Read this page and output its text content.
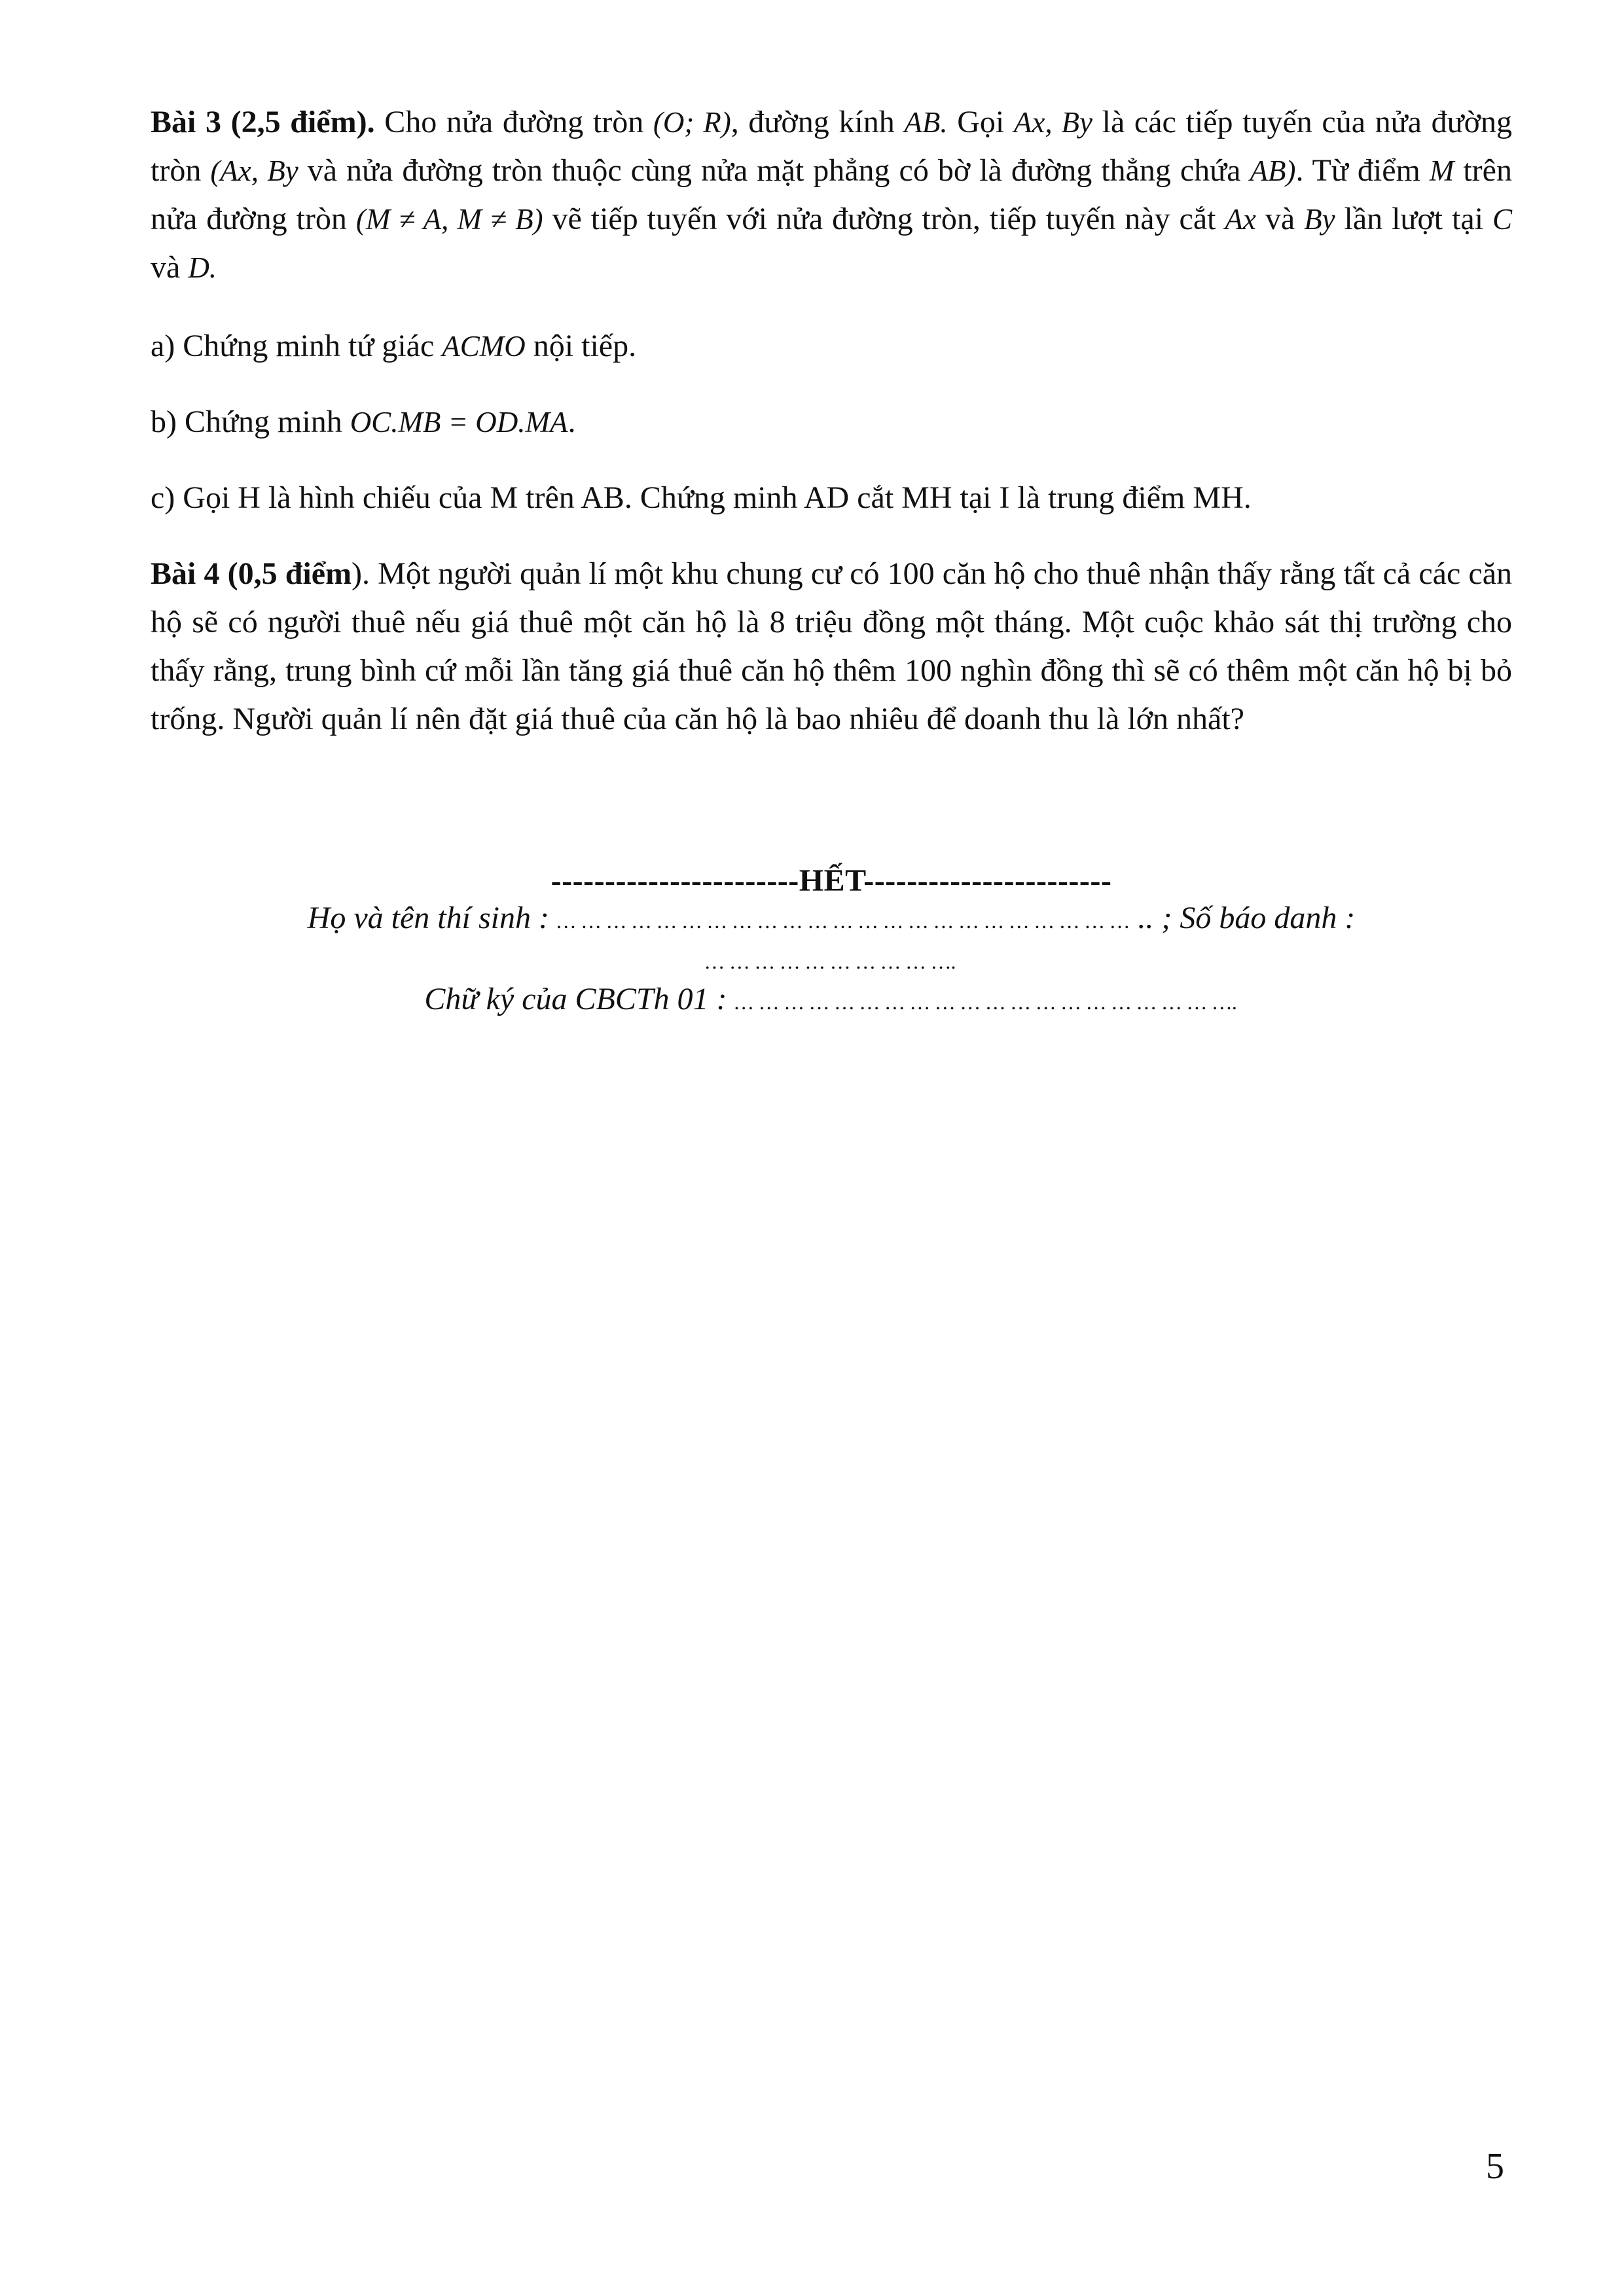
Bài 3 (2,5 điểm). Cho nửa đường tròn (O; R), đường kính AB. Gọi Ax, By là các tiếp tuyến của nửa đường tròn (Ax, By và nửa đường tròn thuộc cùng nửa mặt phẳng có bờ là đường thẳng chứa AB). Từ điểm M trên nửa đường tròn (M ≠ A, M ≠ B) vẽ tiếp tuyến với nửa đường tròn, tiếp tuyến này cắt Ax và By lần lượt tại C và D.

a) Chứng minh tứ giác ACMO nội tiếp.

b) Chứng minh OC.MB = OD.MA.

c) Gọi H là hình chiếu của M trên AB. Chứng minh AD cắt MH tại I là trung điểm MH.

Bài 4 (0,5 điểm). Một người quản lí một khu chung cư có 100 căn hộ cho thuê nhận thấy rằng tất cả các căn hộ sẽ có người thuê nếu giá thuê một căn hộ là 8 triệu đồng một tháng. Một cuộc khảo sát thị trường cho thấy rằng, trung bình cứ mỗi lần tăng giá thuê căn hộ thêm 100 nghìn đồng thì sẽ có thêm một căn hộ bị bỏ trống. Người quản lí nên đặt giá thuê của căn hộ là bao nhiêu để doanh thu là lớn nhất?

-----------------------HẾT-----------------------
Họ và tên thí sinh : … … … … … … … … … … … … … … … … … … … … … … … .. ; Số báo danh :
… … … … … … … … … ….
Chữ ký của CBCTh 01 : … … … … … … … … … … … … … … … … … … … ….
5
